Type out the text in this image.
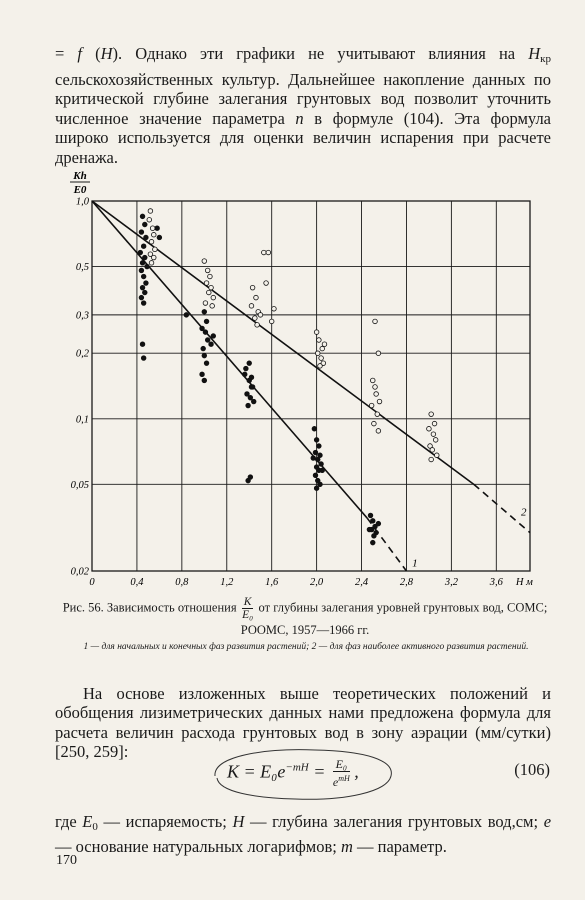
= f (H). Однако эти графики не учитывают влияния на $H_{кр}$ сельскохозяйственных культур. Дальнейшее накопление данных по критической глубине залегания грунтовых вод позволит уточнить численное значение параметра n в формуле (104). Эта формула широко используется для оценки величин испарения при расчете дренажа.

0	0,4	0,8	1,2	1,6	2,0	2,4	2,8	3,2	3,6
0,02
0,05
0,1
0,2
0,3
0,5
1,0
H м
Kh
E0
1
2
Рис. 56. Зависимость отношения $\frac{K}{\text{E₀}}$ от глубины залегания уровней грунтовых вод, СОМС; РООМС, 1957—1966 гг.
1 — для начальных и конечных фаз развития растений; 2 — для фаз наиболее активного развития растений.

На основе изложенных выше теоретических положений и обобщения лизиметрических данных нами предложена формула для расчета величин расхода грунтовых вод в зону аэрации (мм/сутки) [250, 259]:

$K = E_0e^{-mH} = \frac{\text{E₀}}{e^{mH}}$ ,	(106)

где $E_0$ — испаряемость; H — глубина залегания грунтовых вод,см; e — основание натуральных логарифмов; m — параметр.

170
